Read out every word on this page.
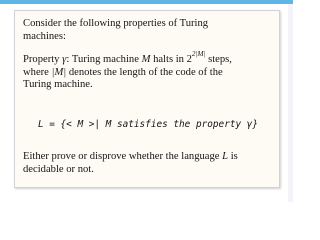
Consider the following properties of Turing
machines:

Property γ: Turing machine M halts in $2^{2|M|}$ steps,
where |M| denotes the length of the code of the
Turing machine.

L = {< M >| M satisfies the property γ}

Either prove or disprove whether the language L is
decidable or not.
